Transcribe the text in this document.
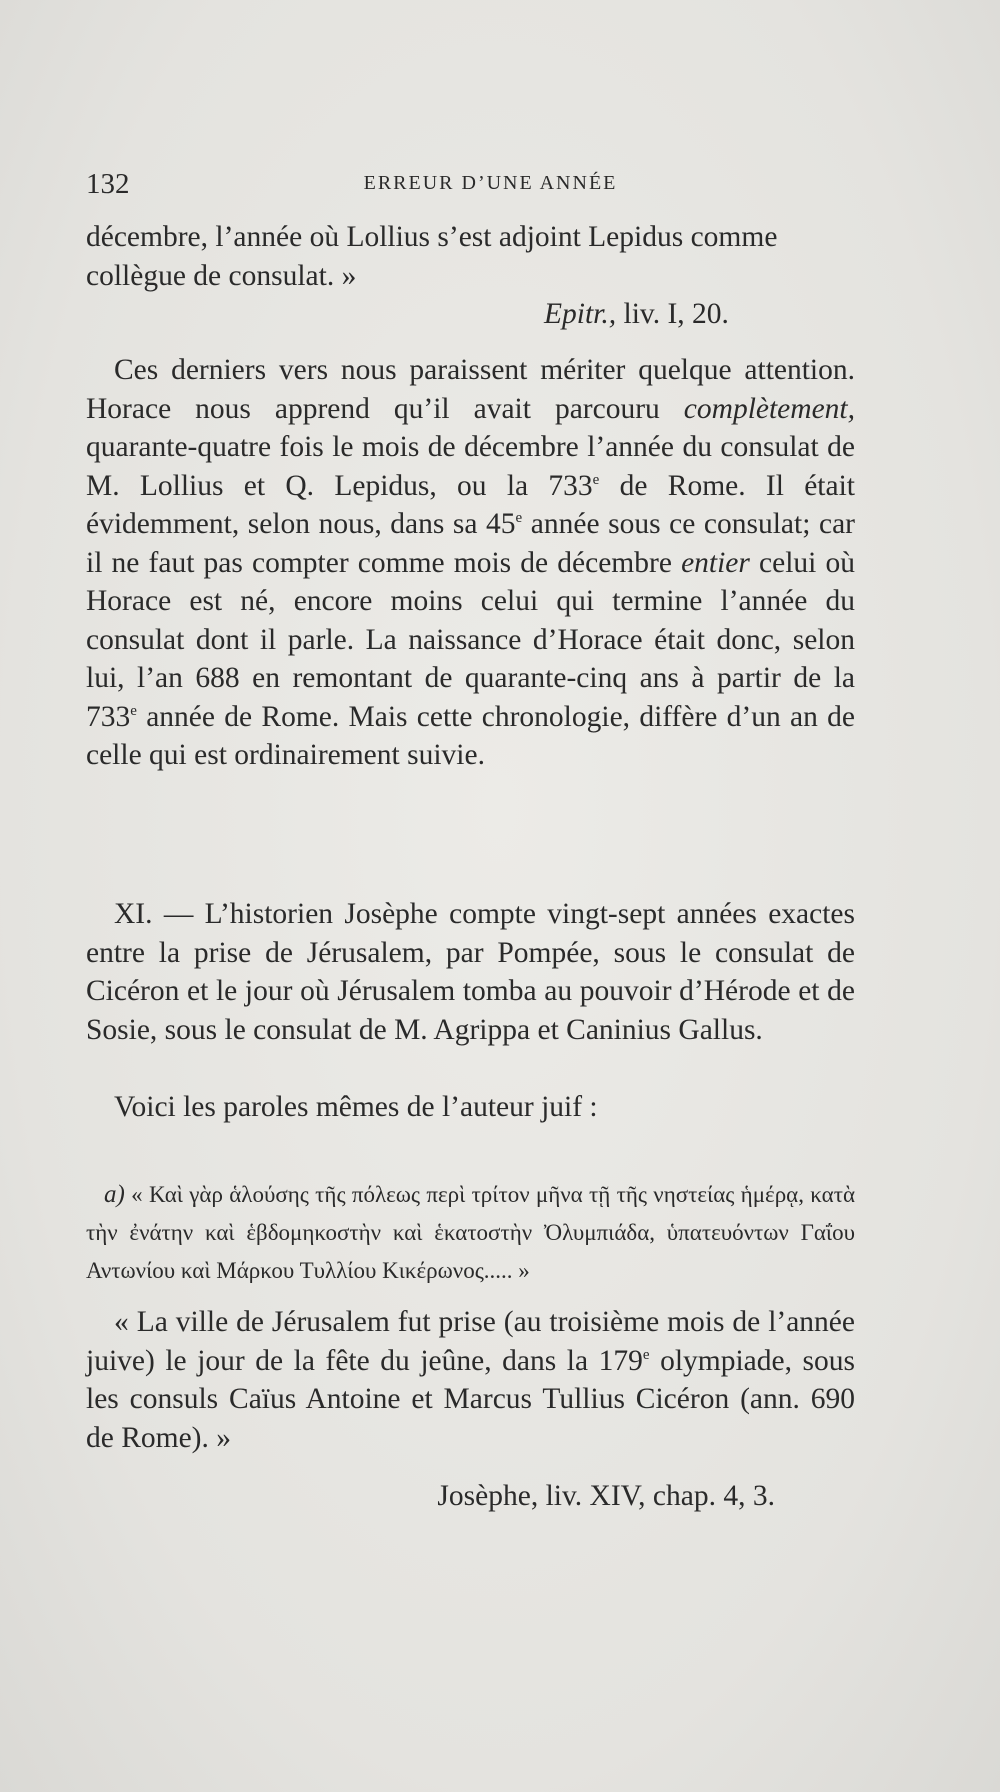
132	ERREUR D’UNE ANNÉE

décembre, l’année où Lollius s’est adjoint Lepidus comme

collègue de consulat. »

Epitr., liv. I, 20.

Ces derniers vers nous paraissent mériter quelque attention. Horace nous apprend qu’il avait parcouru complètement, quarante-quatre fois le mois de décembre l’année du consulat de M. Lollius et Q. Lepidus, ou la 733e de Rome. Il était évidemment, selon nous, dans sa 45e année sous ce consulat; car il ne faut pas compter comme mois de décembre entier celui où Horace est né, encore moins celui qui termine l’année du consulat dont il parle. La naissance d’Horace était donc, selon lui, l’an 688 en remontant de quarante-cinq ans à partir de la 733e année de Rome. Mais cette chronologie, diffère d’un an de celle qui est ordinairement suivie.

XI. — L’historien Josèphe compte vingt-sept années exactes entre la prise de Jérusalem, par Pompée, sous le consulat de Cicéron et le jour où Jérusalem tomba au pouvoir d’Hérode et de Sosie, sous le consulat de M. Agrippa et Caninius Gallus.

Voici les paroles mêmes de l’auteur juif :

a) « Καὶ γὰρ ἁλούσης τῆς πόλεως περὶ τρίτον μῆνα τῇ τῆς νηστείας ἡμέρᾳ, κατὰ τὴν ἐνάτην καὶ ἑβδομηκοστὴν καὶ ἑκατοστὴν Ὀλυμπιάδα, ὑπατευόντων Γαΐου Αντωνίου καὶ Μάρκου Τυλλίου Κικέρωνος..... »

« La ville de Jérusalem fut prise (au troisième mois de l’année juive) le jour de la fête du jeûne, dans la 179e olympiade, sous les consuls Caïus Antoine et Marcus Tullius Cicéron (ann. 690 de Rome). »

Josèphe, liv. XIV, chap. 4, 3.
